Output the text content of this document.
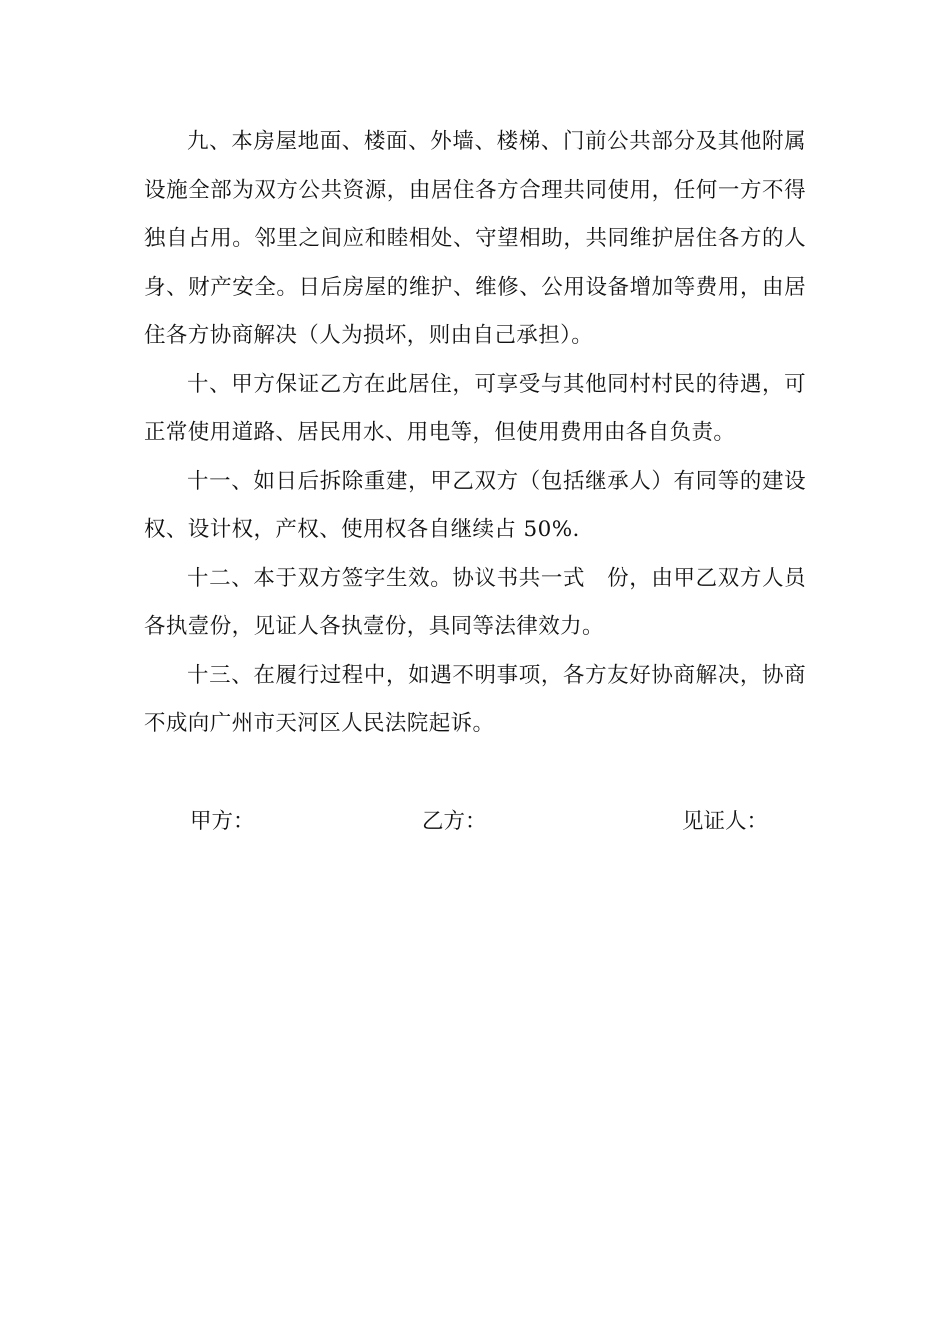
九、本房屋地面、楼面、外墙、楼梯、门前公共部分及其他附属设施全部为双方公共资源，由居住各方合理共同使用，任何一方不得独自占用。邻里之间应和睦相处、守望相助，共同维护居住各方的人身、财产安全。日后房屋的维护、维修、公用设备增加等费用，由居住各方协商解决（人为损坏，则由自己承担）。

十、甲方保证乙方在此居住，可享受与其他同村村民的待遇，可正常使用道路、居民用水、用电等，但使用费用由各自负责。

十一、如日后拆除重建，甲乙双方（包括继承人）有同等的建设权、设计权，产权、使用权各自继续占 50%.

十二、本于双方签字生效。协议书共一式　份，由甲乙双方人员各执壹份，见证人各执壹份，具同等法律效力。

十三、在履行过程中，如遇不明事项，各方友好协商解决，协商不成向广州市天河区人民法院起诉。

甲方：	乙方：	见证人：
